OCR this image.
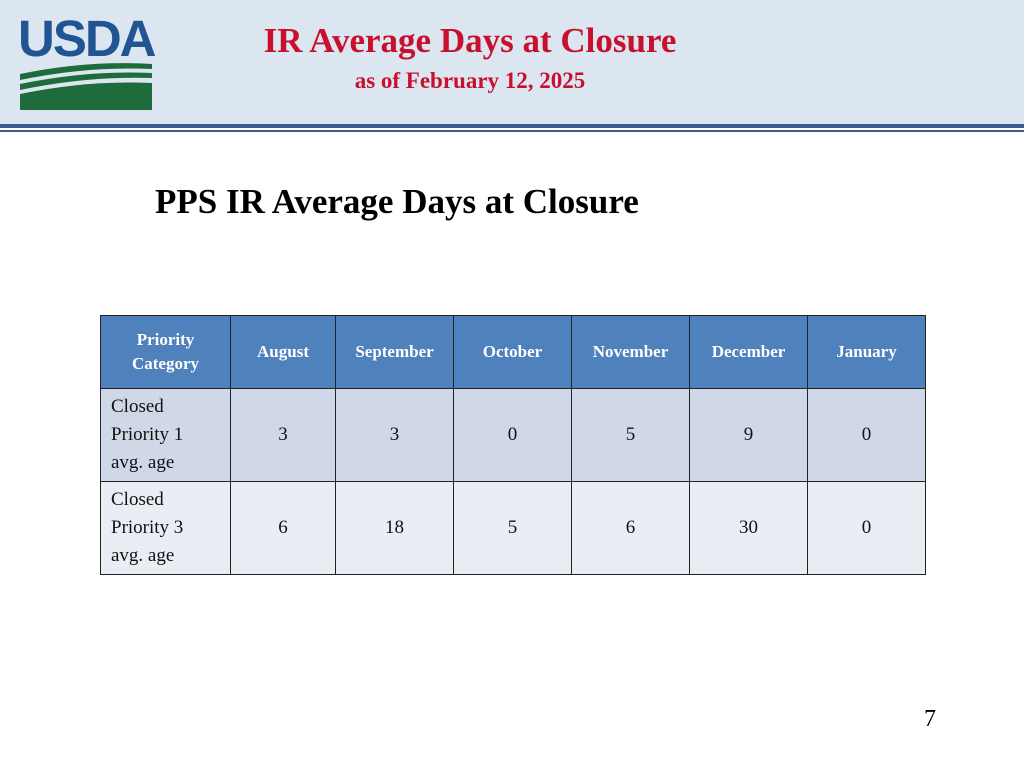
USDA	IR Average Days at Closure
as of February 12, 2025
PPS IR Average Days at Closure
Priority Category	August	September	October	November	December	January
Closed Priority 1 avg. age	3	3	0	5	9	0
Closed Priority 3 avg. age	6	18	5	6	30	0
7
